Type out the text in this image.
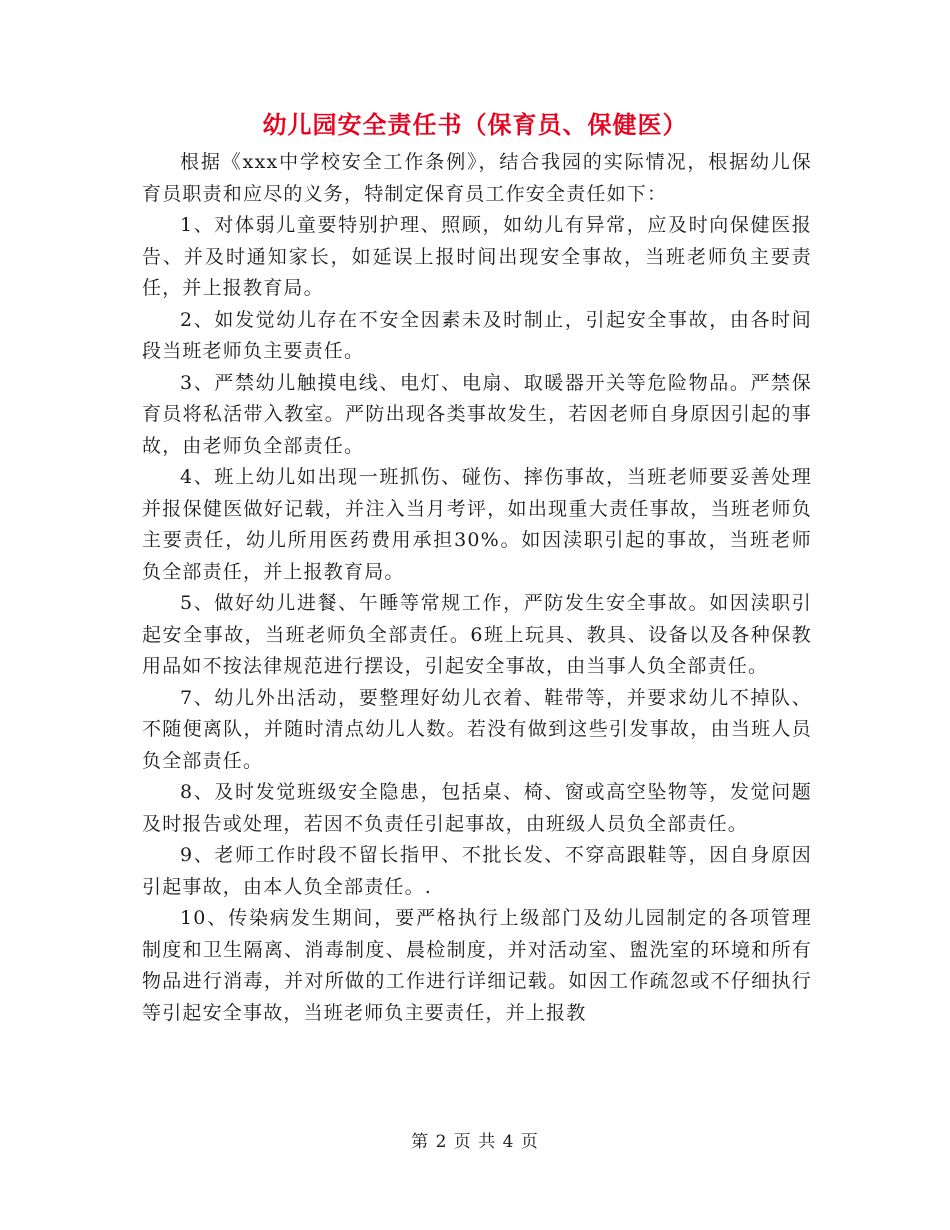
幼儿园安全责任书（保育员、保健医）

根据《xxx中学校安全工作条例》，结合我园的实际情况，根据幼儿保育员职责和应尽的义务，特制定保育员工作安全责任如下：

1、对体弱儿童要特别护理、照顾，如幼儿有异常，应及时向保健医报告、并及时通知家长，如延误上报时间出现安全事故，当班老师负主要责任，并上报教育局。

2、如发觉幼儿存在不安全因素未及时制止，引起安全事故，由各时间段当班老师负主要责任。

3、严禁幼儿触摸电线、电灯、电扇、取暖器开关等危险物品。严禁保育员将私活带入教室。严防出现各类事故发生，若因老师自身原因引起的事故，由老师负全部责任。

4、班上幼儿如出现一班抓伤、碰伤、摔伤事故，当班老师要妥善处理并报保健医做好记载，并注入当月考评，如出现重大责任事故，当班老师负主要责任，幼儿所用医药费用承担30%。如因渎职引起的事故，当班老师负全部责任，并上报教育局。

5、做好幼儿进餐、午睡等常规工作，严防发生安全事故。如因渎职引起安全事故，当班老师负全部责任。6班上玩具、教具、设备以及各种保教用品如不按法律规范进行摆设，引起安全事故，由当事人负全部责任。

7、幼儿外出活动，要整理好幼儿衣着、鞋带等，并要求幼儿不掉队、不随便离队，并随时清点幼儿人数。若没有做到这些引发事故，由当班人员负全部责任。

8、及时发觉班级安全隐患，包括桌、椅、窗或高空坠物等，发觉问题及时报告或处理，若因不负责任引起事故，由班级人员负全部责任。

9、老师工作时段不留长指甲、不批长发、不穿高跟鞋等，因自身原因引起事故，由本人负全部责任。.

10、传染病发生期间，要严格执行上级部门及幼儿园制定的各项管理制度和卫生隔离、消毒制度、晨检制度，并对活动室、盥洗室的环境和所有物品进行消毒，并对所做的工作进行详细记载。如因工作疏忽或不仔细执行等引起安全事故，当班老师负主要责任，并上报教

第 2 页 共 4 页
